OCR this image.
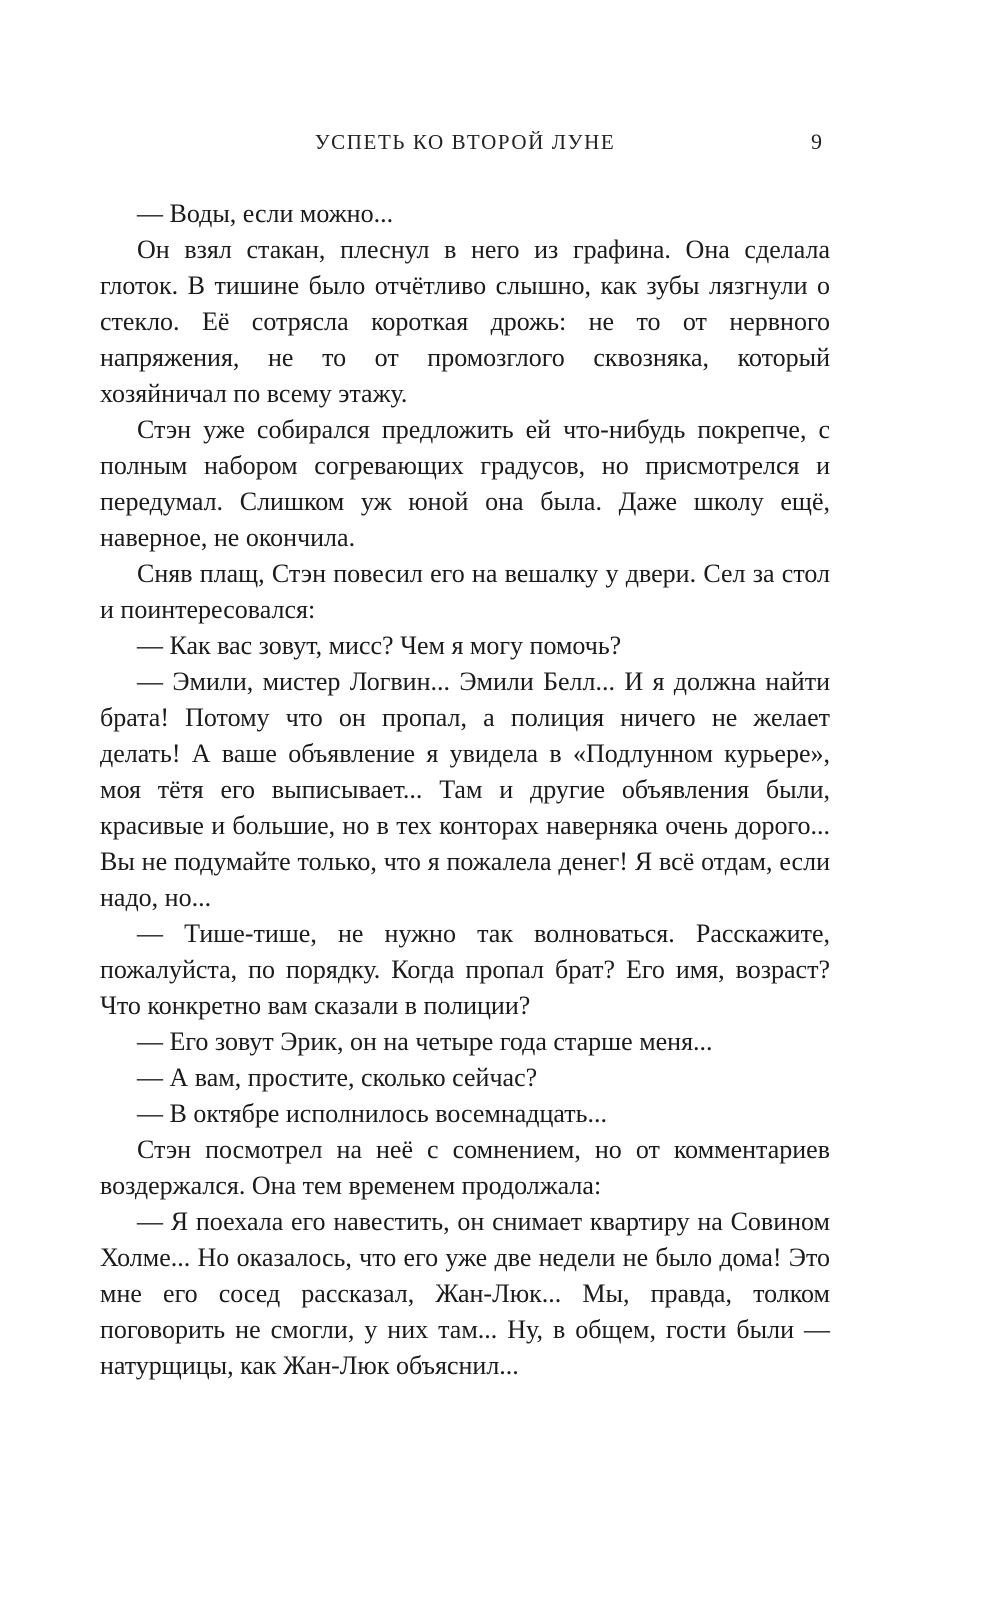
УСПЕТЬ КО ВТОРОЙ ЛУНЕ	9

— Воды, если можно...

Он взял стакан, плеснул в него из графина. Она сделала глоток. В тишине было отчётливо слышно, как зубы лязгнули о стекло. Её сотрясла короткая дрожь: не то от нервного напряжения, не то от промозглого сквозняка, который хозяйничал по всему этажу.

Стэн уже собирался предложить ей что-нибудь покрепче, с полным набором согревающих градусов, но присмотрелся и передумал. Слишком уж юной она была. Даже школу ещё, наверное, не окончила.

Сняв плащ, Стэн повесил его на вешалку у двери. Сел за стол и поинтересовался:

— Как вас зовут, мисс? Чем я могу помочь?

— Эмили, мистер Логвин... Эмили Белл... И я должна найти брата! Потому что он пропал, а полиция ничего не желает делать! А ваше объявление я увидела в «Подлунном курьере», моя тётя его выписывает... Там и другие объявления были, красивые и большие, но в тех конторах наверняка очень дорого... Вы не подумайте только, что я пожалела денег! Я всё отдам, если надо, но...

— Тише-тише, не нужно так волноваться. Расскажите, пожалуйста, по порядку. Когда пропал брат? Его имя, возраст? Что конкретно вам сказали в полиции?

— Его зовут Эрик, он на четыре года старше меня...

— А вам, простите, сколько сейчас?

— В октябре исполнилось восемнадцать...

Стэн посмотрел на неё с сомнением, но от комментариев воздержался. Она тем временем продолжала:

— Я поехала его навестить, он снимает квартиру на Совином Холме... Но оказалось, что его уже две недели не было дома! Это мне его сосед рассказал, Жан-Люк... Мы, правда, толком поговорить не смогли, у них там... Ну, в общем, гости были — натурщицы, как Жан-Люк объяснил...
